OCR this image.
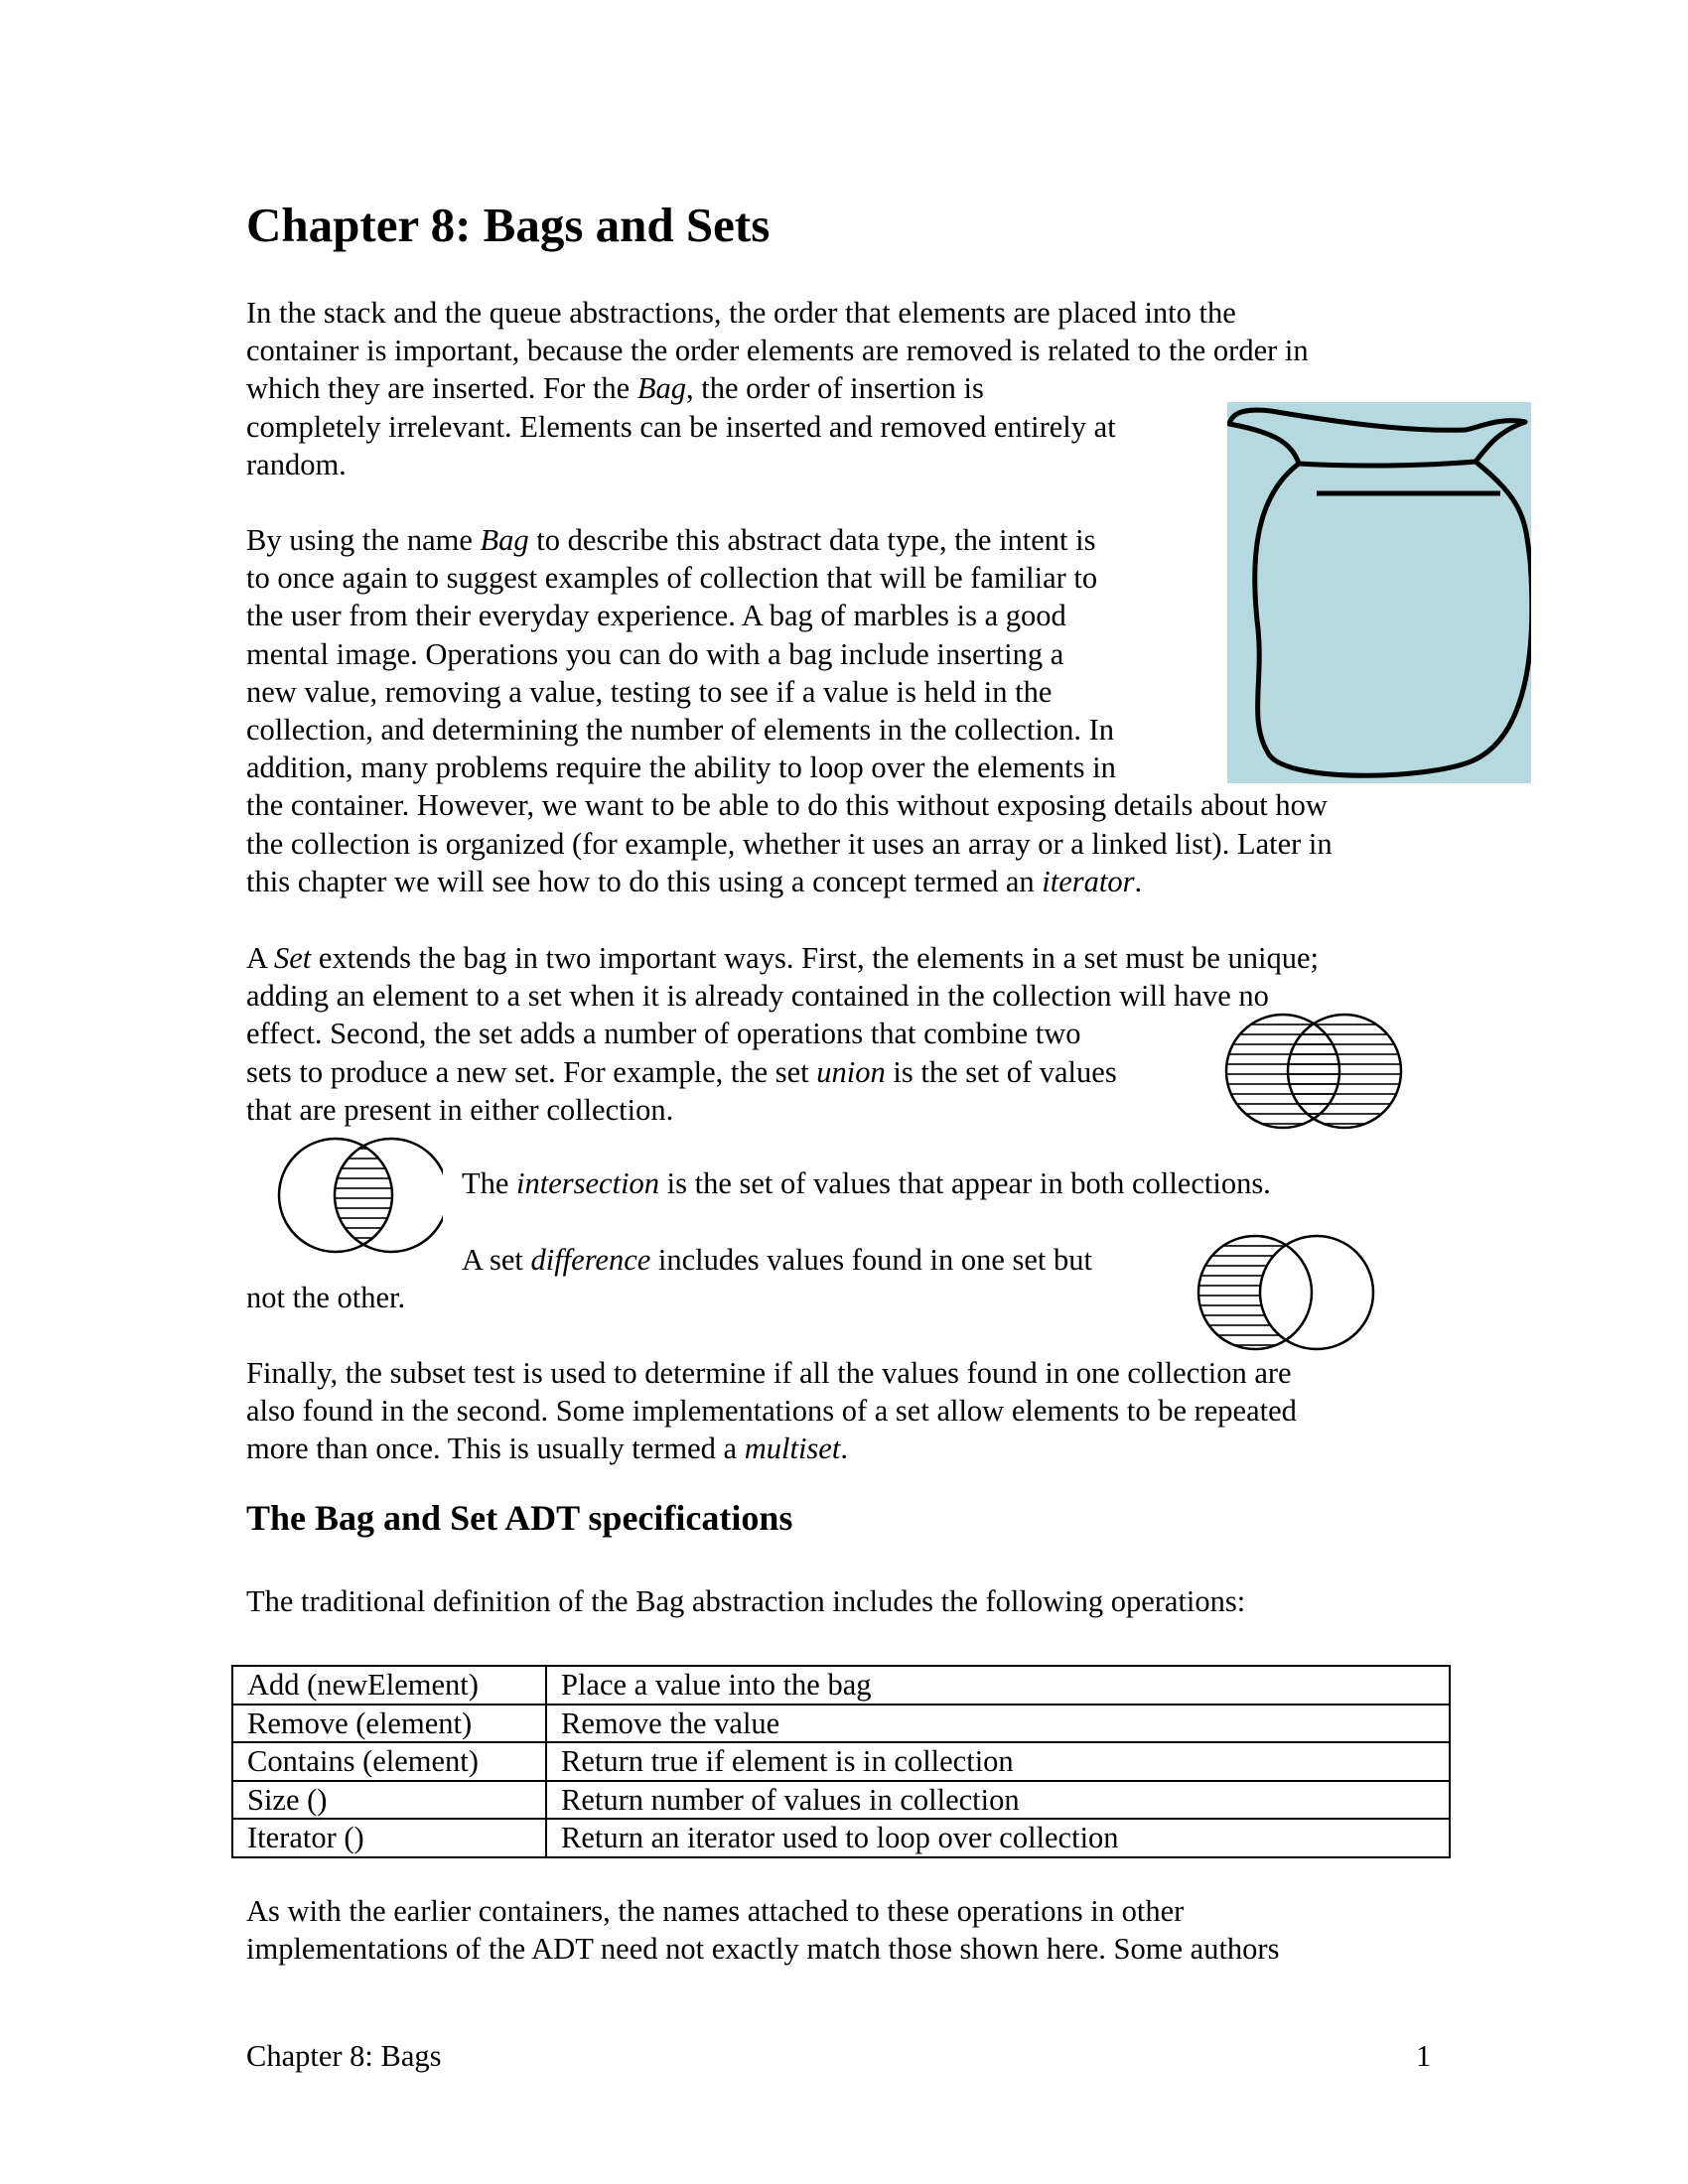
Chapter 8: Bags and Sets
In the stack and the queue abstractions, the order that elements are placed into the
container is important, because the order elements are removed is related to the order in
which they are inserted. For the Bag, the order of insertion is
completely irrelevant. Elements can be inserted and removed entirely at
random.
By using the name Bag to describe this abstract data type, the intent is
to once again to suggest examples of collection that will be familiar to
the user from their everyday experience. A bag of marbles is a good
mental image. Operations you can do with a bag include inserting a
new value, removing a value, testing to see if a value is held in the
collection, and determining the number of elements in the collection. In
addition, many problems require the ability to loop over the elements in
the container. However, we want to be able to do this without exposing details about how
the collection is organized (for example, whether it uses an array or a linked list). Later in
this chapter we will see how to do this using a concept termed an iterator.
A Set extends the bag in two important ways. First, the elements in a set must be unique;
adding an element to a set when it is already contained in the collection will have no
effect. Second, the set adds a number of operations that combine two
sets to produce a new set. For example, the set union is the set of values
that are present in either collection.
The intersection is the set of values that appear in both collections.
A set difference includes values found in one set but
not the other.
Finally, the subset test is used to determine if all the values found in one collection are
also found in the second. Some implementations of a set allow elements to be repeated
more than once. This is usually termed a multiset.
The Bag and Set ADT specifications
The traditional definition of the Bag abstraction includes the following operations:
Add (newElement)	Place a value into the bag
Remove (element)	Remove the value
Contains (element)	Return true if element is in collection
Size ()	Return number of values in collection
Iterator ()	Return an iterator used to loop over collection
As with the earlier containers, the names attached to these operations in other
implementations of the ADT need not exactly match those shown here. Some authors
Chapter 8: Bags	1
